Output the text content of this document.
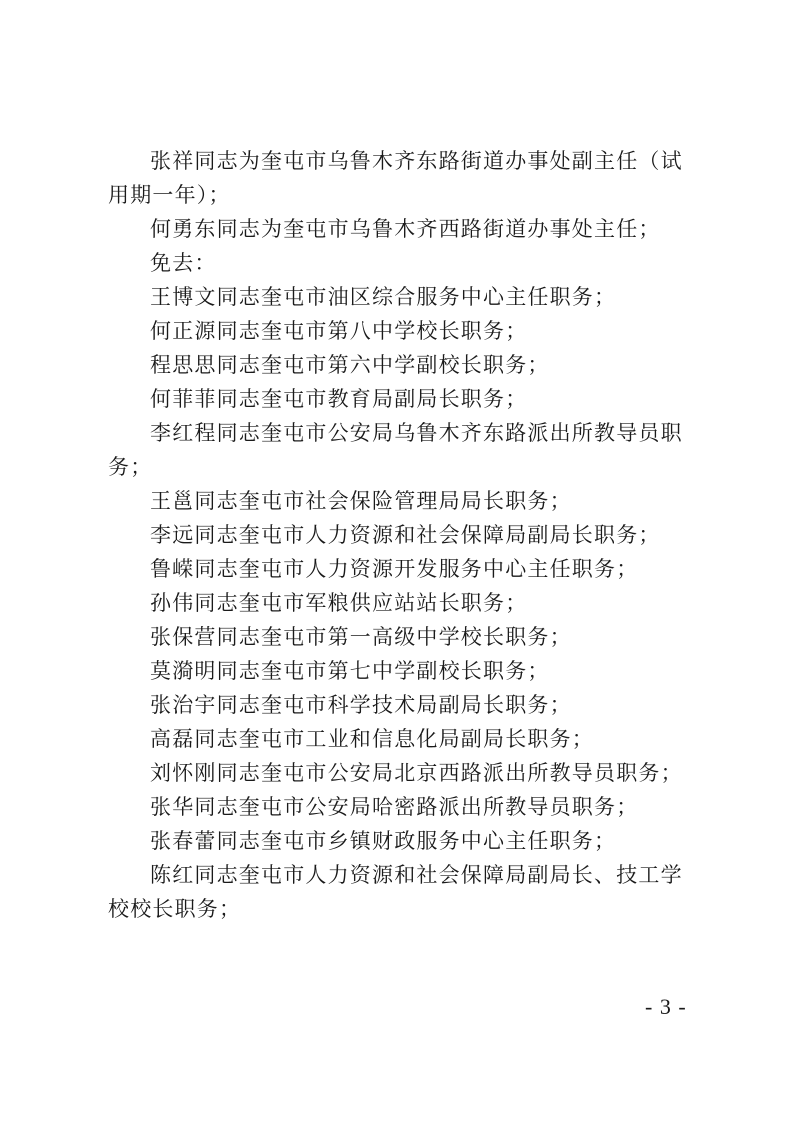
张祥同志为奎屯市乌鲁木齐东路街道办事处副主任（试用期一年）；

何勇东同志为奎屯市乌鲁木齐西路街道办事处主任；

免去：

王博文同志奎屯市油区综合服务中心主任职务；

何正源同志奎屯市第八中学校长职务；

程思思同志奎屯市第六中学副校长职务；

何菲菲同志奎屯市教育局副局长职务；

李红程同志奎屯市公安局乌鲁木齐东路派出所教导员职务；

王邕同志奎屯市社会保险管理局局长职务；

李远同志奎屯市人力资源和社会保障局副局长职务；

鲁嵘同志奎屯市人力资源开发服务中心主任职务；

孙伟同志奎屯市军粮供应站站长职务；

张保营同志奎屯市第一高级中学校长职务；

莫漪明同志奎屯市第七中学副校长职务；

张治宇同志奎屯市科学技术局副局长职务；

高磊同志奎屯市工业和信息化局副局长职务；

刘怀刚同志奎屯市公安局北京西路派出所教导员职务；

张华同志奎屯市公安局哈密路派出所教导员职务；

张春蕾同志奎屯市乡镇财政服务中心主任职务；

陈红同志奎屯市人力资源和社会保障局副局长、技工学校校长职务；

- 3 -
